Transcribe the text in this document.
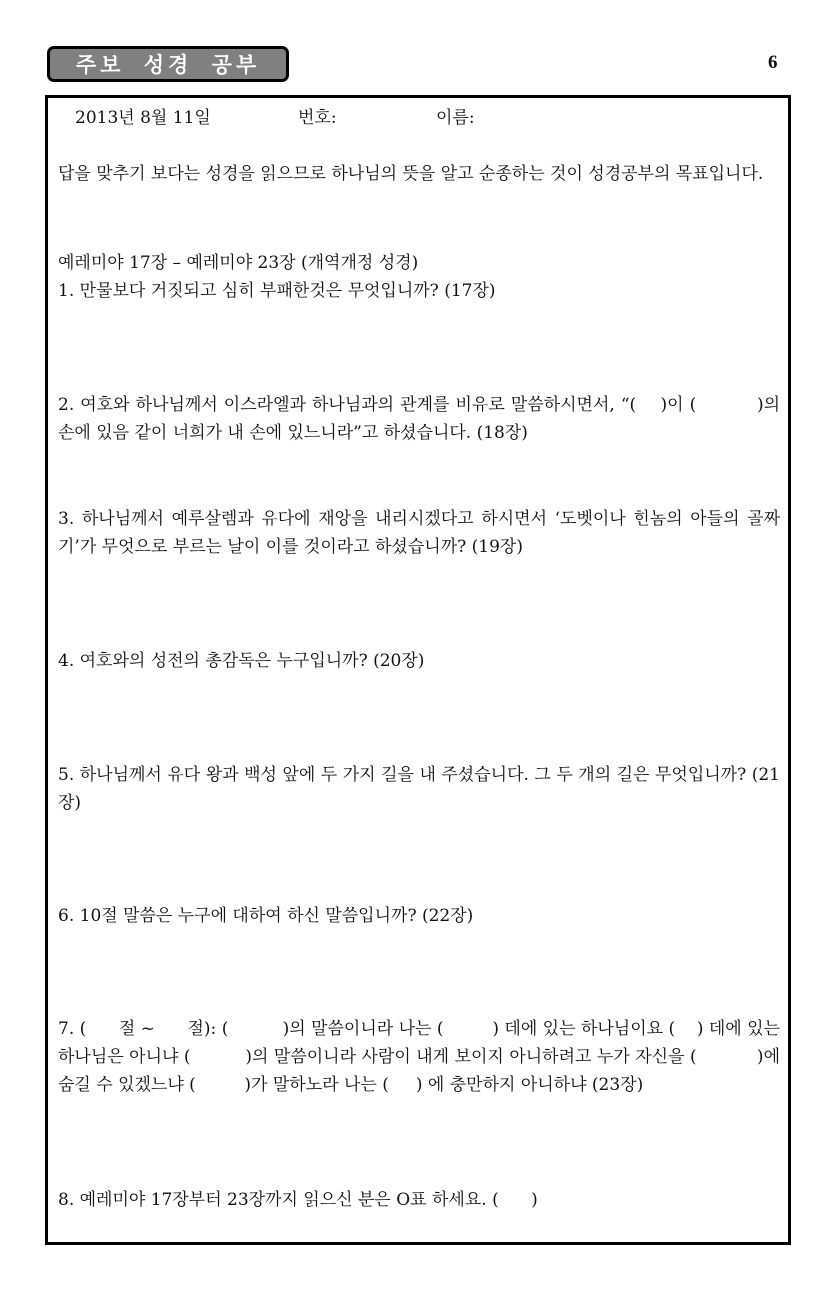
주보 성경 공부	6
2013년 8월 11일	번호:	이름:
답을 맞추기 보다는 성경을 읽으므로 하나님의 뜻을 알고 순종하는 것이 성경공부의 목표입니다.
예레미야 17장 – 예레미야 23장 (개역개정 성경)
1. 만물보다 거짓되고 심히 부패한것은 무엇입니까? (17장)
2. 여호와 하나님께서 이스라엘과 하나님과의 관계를 비유로 말씀하시면서, “(    )이 (          )의 손에 있음 같이 너희가 내 손에 있느니라”고 하셨습니다. (18장)
3. 하나님께서 예루살렘과 유다에 재앙을 내리시겠다고 하시면서 ‘도벳이나 힌놈의 아들의 골짜기’가 무엇으로 부르는 날이 이를 것이라고 하셨습니까? (19장)
4. 여호와의 성전의 총감독은 누구입니까? (20장)
5. 하나님께서 유다 왕과 백성 앞에 두 가지 길을 내 주셨습니다. 그 두 개의 길은 무엇입니까? (21장)
6. 10절 말씀은 누구에 대하여 하신 말씀입니까? (22장)
7. (      절 ~      절): (          )의 말씀이니라 나는 (         ) 데에 있는 하나님이요 (    ) 데에 있는 하나님은 아니냐 (          )의 말씀이니라 사람이 내게 보이지 아니하려고 누가 자신을 (           )에 숨길 수 있겠느냐 (         )가 말하노라 나는 (     ) 에 충만하지 아니하냐 (23장)
8. 예레미야 17장부터 23장까지 읽으신 분은 O표 하세요. (      )
